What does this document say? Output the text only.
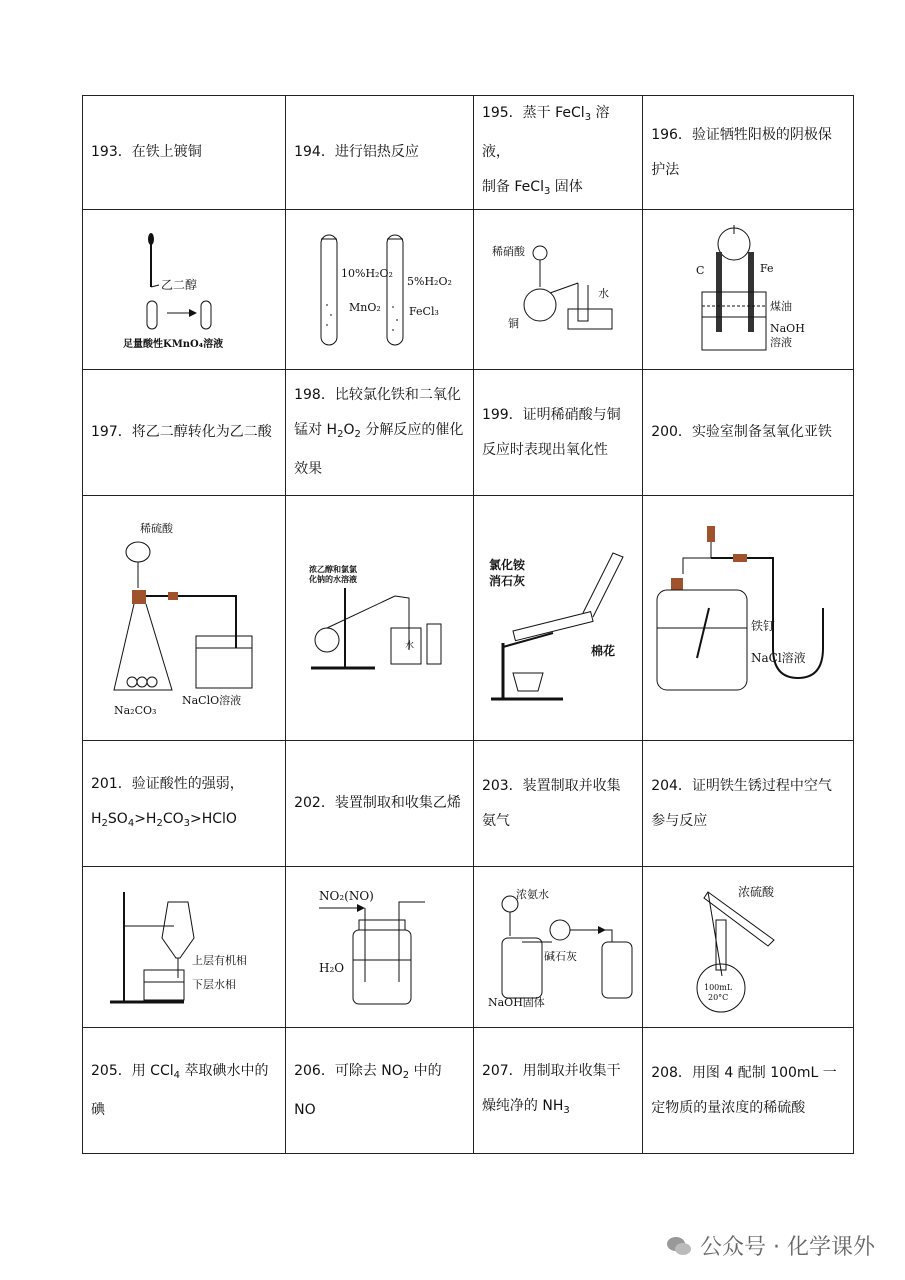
193．在铁上镀铜	194．进行铝热反应	195．蒸干 FeCl$_3$ 溶液，
制备 FeCl$_3$ 固体	196．验证牺牲阳极的阴极保护法

乙二醇
足量酸性KMnO₄溶液	10%H₂O₂
MnO₂
5%H₂O₂
FeCl₃	稀硝酸
水
铜	C Fe
煤油
NaOH
溶液

197．将乙二醇转化为乙二酸	198．比较氯化铁和二氧化锰对 $H_2O_2$ 分解反应的催化效果	199．证明稀硝酸与铜反应时表现出氧化性	200．实验室制备氢氧化亚铁

稀硫酸
NaClO溶液
Na₂CO₃	浓乙醇和氯氯
化钠的水溶液
水	氯化铵
消石灰
棉花	铁钉
NaCl溶液

201．验证酸性的强弱，
$H_2SO_4>H_2CO_3>HClO$	202．装置制取和收集乙烯	203．装置制取并收集氨气	204．证明铁生锈过程中空气参与反应

上层有机相
下层水相	NO₂(NO)
H₂O	浓氨水
碱石灰
NaOH固体	浓硫酸
100mL
20°C

205．用 CCl$_4$ 萃取碘水中的碘	206．可除去 $NO_2$ 中的 NO	207．用制取并收集干燥纯净的 $NH_3$	208．用图 4 配制 100mL 一定物质的量浓度的稀硫酸
公众号 · 化学课外
